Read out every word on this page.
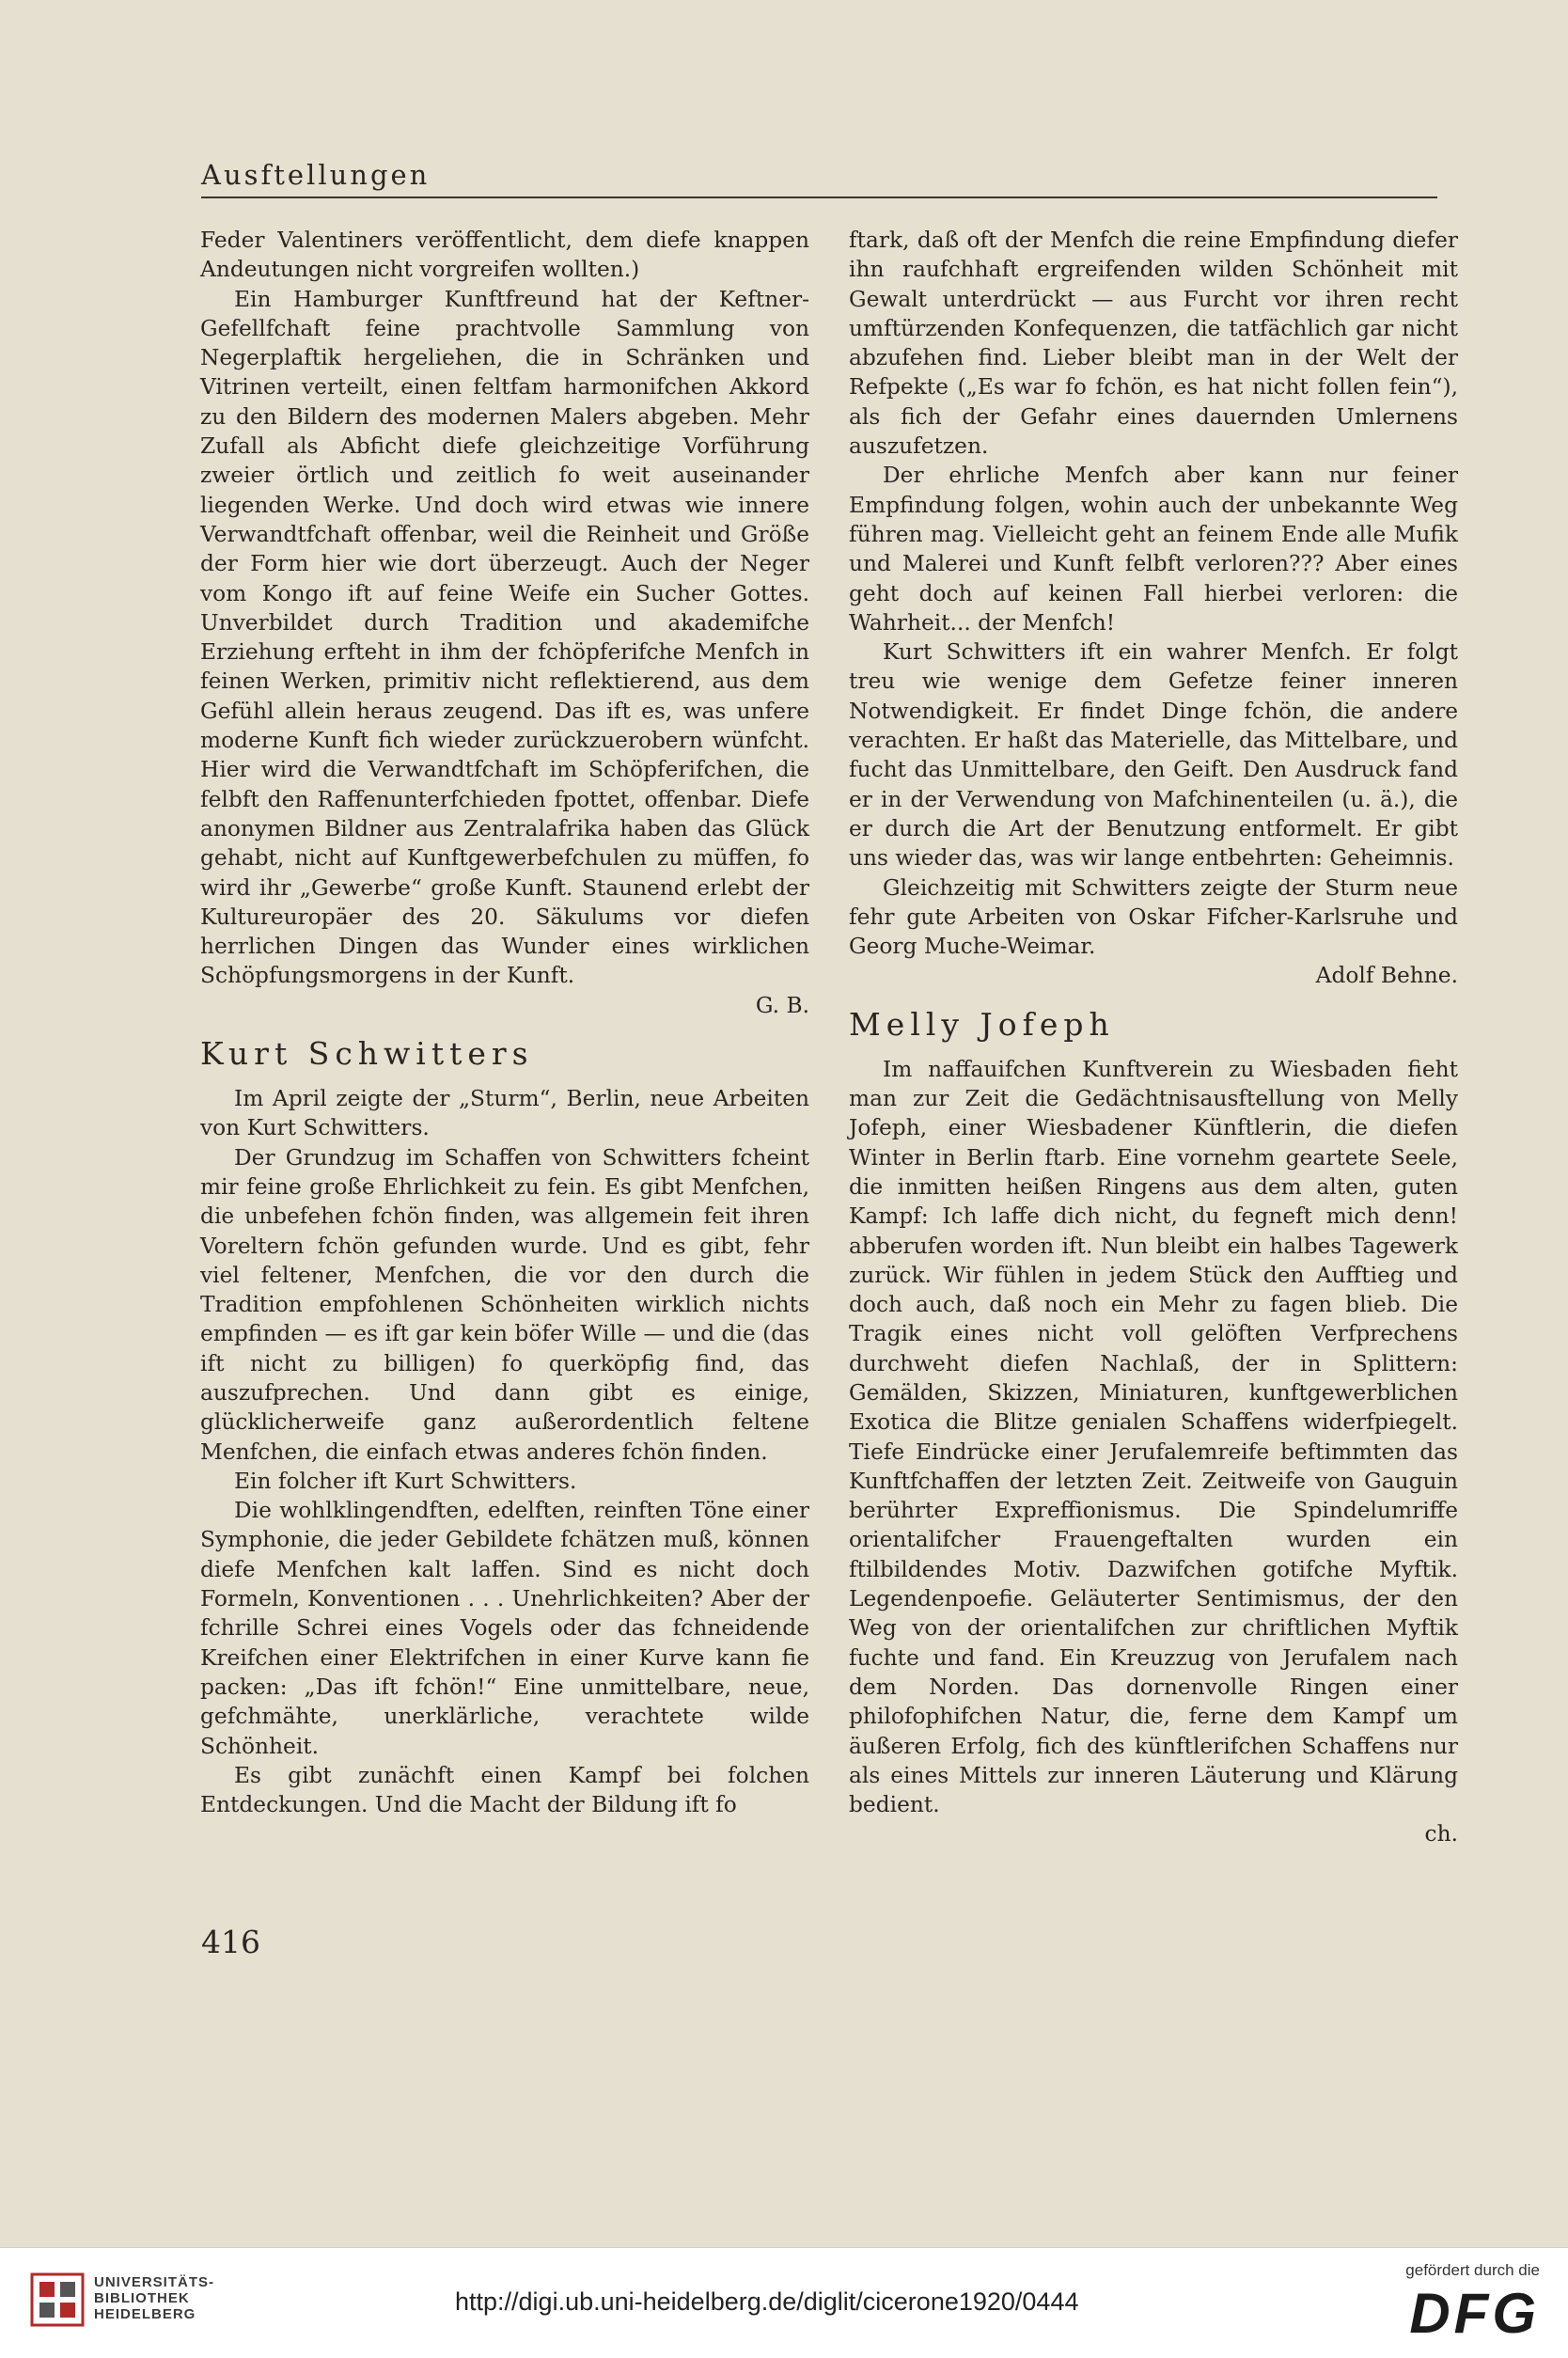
Ausftellungen

Feder Valentiners veröffentlicht, dem diefe knappen Andeutungen nicht vorgreifen wollten.)

Ein Hamburger Kunftfreund hat der Keftner-Gefellfchaft feine prachtvolle Sammlung von Negerplaftik hergeliehen, die in Schränken und Vitrinen verteilt, einen feltfam harmonifchen Akkord zu den Bildern des modernen Malers abgeben. Mehr Zufall als Abficht diefe gleichzeitige Vorführung zweier örtlich und zeitlich fo weit auseinander liegenden Werke. Und doch wird etwas wie innere Verwandtfchaft offenbar, weil die Reinheit und Größe der Form hier wie dort überzeugt. Auch der Neger vom Kongo ift auf feine Weife ein Sucher Gottes. Unverbildet durch Tradition und akademifche Erziehung erfteht in ihm der fchöpferifche Menfch in feinen Werken, primitiv nicht reflektierend, aus dem Gefühl allein heraus zeugend. Das ift es, was unfere moderne Kunft fich wieder zurückzuerobern wünfcht. Hier wird die Verwandtfchaft im Schöpferifchen, die felbft den Raffenunterfchieden fpottet, offenbar. Diefe anonymen Bildner aus Zentralafrika haben das Glück gehabt, nicht auf Kunftgewerbefchulen zu müffen, fo wird ihr „Gewerbe“ große Kunft. Staunend erlebt der Kultureuropäer des 20. Säkulums vor diefen herrlichen Dingen das Wunder eines wirklichen Schöpfungsmorgens in der Kunft.

G. B.

Kurt Schwitters

Im April zeigte der „Sturm“, Berlin, neue Arbeiten von Kurt Schwitters.

Der Grundzug im Schaffen von Schwitters fcheint mir feine große Ehrlichkeit zu fein. Es gibt Menfchen, die unbefehen fchön finden, was allgemein feit ihren Voreltern fchön gefunden wurde. Und es gibt, fehr viel feltener, Menfchen, die vor den durch die Tradition empfohlenen Schönheiten wirklich nichts empfinden — es ift gar kein böfer Wille — und die (das ift nicht zu billigen) fo querköpfig find, das auszufprechen. Und dann gibt es einige, glücklicherweife ganz außerordentlich feltene Menfchen, die einfach etwas anderes fchön finden.

Ein folcher ift Kurt Schwitters.

Die wohlklingendften, edelften, reinften Töne einer Symphonie, die jeder Gebildete fchätzen muß, können diefe Menfchen kalt laffen. Sind es nicht doch Formeln, Konventionen . . . Unehrlichkeiten? Aber der fchrille Schrei eines Vogels oder das fchneidende Kreifchen einer Elektrifchen in einer Kurve kann fie packen: „Das ift fchön!“ Eine unmittelbare, neue, gefchmähte, unerklärliche, verachtete wilde Schönheit.

Es gibt zunächft einen Kampf bei folchen Entdeckungen. Und die Macht der Bildung ift fo

ftark, daß oft der Menfch die reine Empfindung diefer ihn raufchhaft ergreifenden wilden Schönheit mit Gewalt unterdrückt — aus Furcht vor ihren recht umftürzenden Konfequenzen, die tatfächlich gar nicht abzufehen find. Lieber bleibt man in der Welt der Refpekte („Es war fo fchön, es hat nicht follen fein“), als fich der Gefahr eines dauernden Umlernens auszufetzen.

Der ehrliche Menfch aber kann nur feiner Empfindung folgen, wohin auch der unbekannte Weg führen mag. Vielleicht geht an feinem Ende alle Mufik und Malerei und Kunft felbft verloren??? Aber eines geht doch auf keinen Fall hierbei verloren: die Wahrheit... der Menfch!

Kurt Schwitters ift ein wahrer Menfch. Er folgt treu wie wenige dem Gefetze feiner inneren Notwendigkeit. Er findet Dinge fchön, die andere verachten. Er haßt das Materielle, das Mittelbare, und fucht das Unmittelbare, den Geift. Den Ausdruck fand er in der Verwendung von Mafchinenteilen (u. ä.), die er durch die Art der Benutzung entformelt. Er gibt uns wieder das, was wir lange entbehrten: Geheimnis.

Gleichzeitig mit Schwitters zeigte der Sturm neue fehr gute Arbeiten von Oskar Fifcher-Karlsruhe und Georg Muche-Weimar.

Adolf Behne.

Melly Jofeph

Im naffauifchen Kunftverein zu Wiesbaden fieht man zur Zeit die Gedächtnisausftellung von Melly Jofeph, einer Wiesbadener Künftlerin, die diefen Winter in Berlin ftarb. Eine vornehm geartete Seele, die inmitten heißen Ringens aus dem alten, guten Kampf: Ich laffe dich nicht, du fegneft mich denn! abberufen worden ift. Nun bleibt ein halbes Tagewerk zurück. Wir fühlen in jedem Stück den Aufftieg und doch auch, daß noch ein Mehr zu fagen blieb. Die Tragik eines nicht voll gelöften Verfprechens durchweht diefen Nachlaß, der in Splittern: Gemälden, Skizzen, Miniaturen, kunftgewerblichen Exotica die Blitze genialen Schaffens widerfpiegelt. Tiefe Eindrücke einer Jerufalemreife beftimmten das Kunftfchaffen der letzten Zeit. Zeitweife von Gauguin berührter Expreffionismus. Die Spindelumriffe orientalifcher Frauengeftalten wurden ein ftilbildendes Motiv. Dazwifchen gotifche Myftik. Legendenpoefie. Geläuterter Sentimismus, der den Weg von der orientalifchen zur chriftlichen Myftik fuchte und fand. Ein Kreuzzug von Jerufalem nach dem Norden. Das dornenvolle Ringen einer philofophifchen Natur, die, ferne dem Kampf um äußeren Erfolg, fich des künftlerifchen Schaffens nur als eines Mittels zur inneren Läuterung und Klärung bedient.

ch.

416
UNIVERSITÄTS-
BIBLIOTHEK
HEIDELBERG	http://digi.ub.uni-heidelberg.de/diglit/cicerone1920/0444
gefördert durch die
DFG
